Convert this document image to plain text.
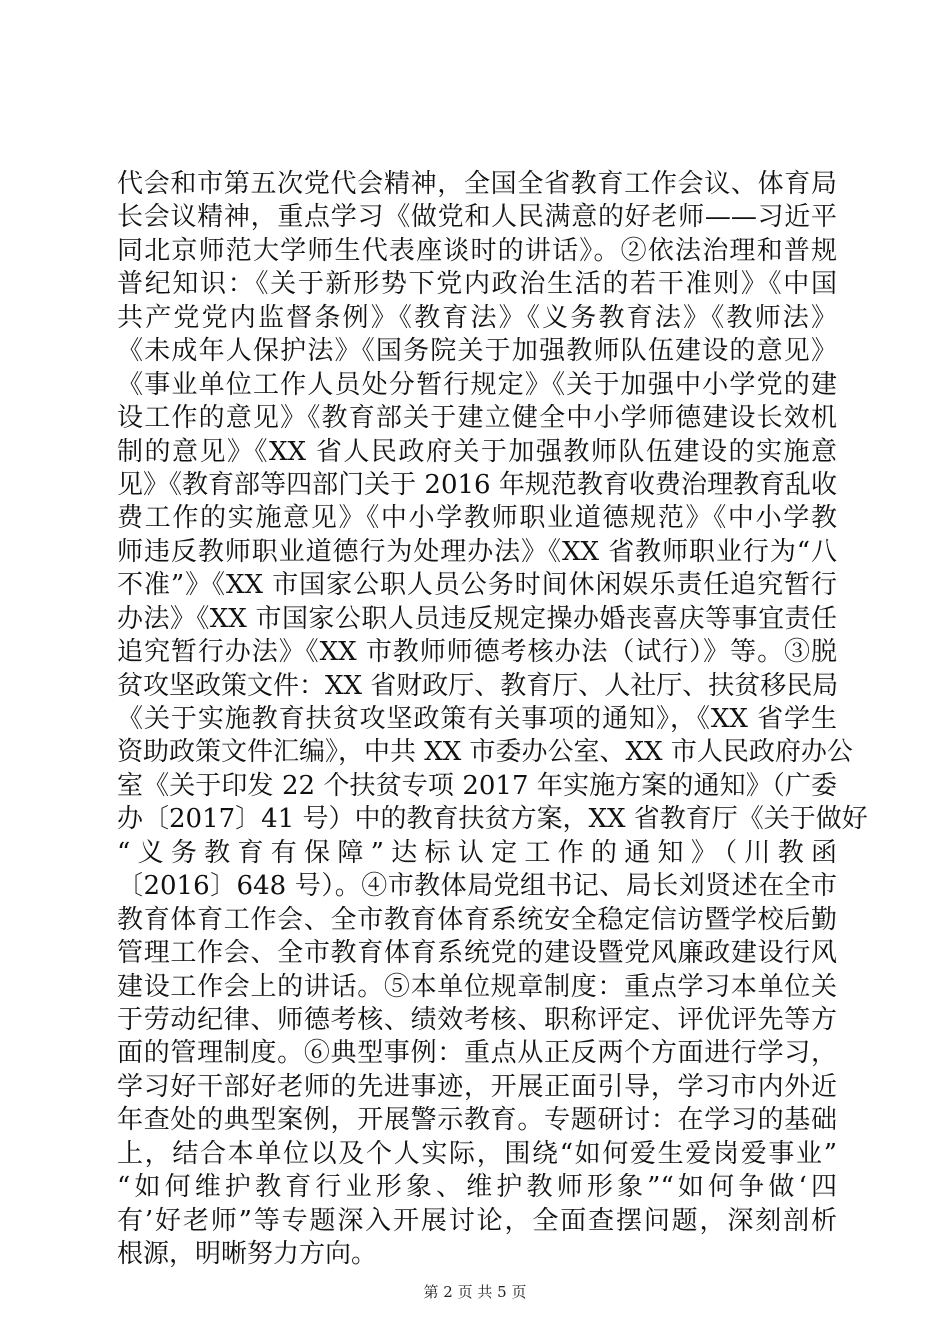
代会和市第五次党代会精神，全国全省教育工作会议、体育局
长会议精神，重点学习《做党和人民满意的好老师——习近平
同北京师范大学师生代表座谈时的讲话》。②依法治理和普规
普纪知识：《关于新形势下党内政治生活的若干准则》《中国
共产党党内监督条例》《教育法》《义务教育法》《教师法》
《未成年人保护法》《国务院关于加强教师队伍建设的意见》
《事业单位工作人员处分暂行规定》《关于加强中小学党的建
设工作的意见》《教育部关于建立健全中小学师德建设长效机
制的意见》《XX 省人民政府关于加强教师队伍建设的实施意
见》《教育部等四部门关于 2016 年规范教育收费治理教育乱收
费工作的实施意见》《中小学教师职业道德规范》《中小学教
师违反教师职业道德行为处理办法》《XX 省教师职业行为“八
不准”》《XX 市国家公职人员公务时间休闲娱乐责任追究暂行
办法》《XX 市国家公职人员违反规定操办婚丧喜庆等事宜责任
追究暂行办法》《XX 市教师师德考核办法（试行）》等。③脱
贫攻坚政策文件：XX 省财政厅、教育厅、人社厅、扶贫移民局
《关于实施教育扶贫攻坚政策有关事项的通知》，《XX 省学生
资助政策文件汇编》，中共 XX 市委办公室、XX 市人民政府办公
室《关于印发 22 个扶贫专项 2017 年实施方案的通知》（广委
办〔2017〕41 号）中的教育扶贫方案，XX 省教育厅《关于做好
“义务教育有保障”达标认定工作的通知》（川教函
〔2016〕648 号）。④市教体局党组书记、局长刘贤述在全市
教育体育工作会、全市教育体育系统安全稳定信访暨学校后勤
管理工作会、全市教育体育系统党的建设暨党风廉政建设行风
建设工作会上的讲话。⑤本单位规章制度：重点学习本单位关
于劳动纪律、师德考核、绩效考核、职称评定、评优评先等方
面的管理制度。⑥典型事例：重点从正反两个方面进行学习，
学习好干部好老师的先进事迹，开展正面引导，学习市内外近
年查处的典型案例，开展警示教育。专题研讨：在学习的基础
上，结合本单位以及个人实际，围绕“如何爱生爱岗爱事业”
“如何维护教育行业形象、维护教师形象”“如何争做‘四
有’好老师”等专题深入开展讨论，全面查摆问题，深刻剖析
根源，明晰努力方向。
第 2 页 共 5 页
